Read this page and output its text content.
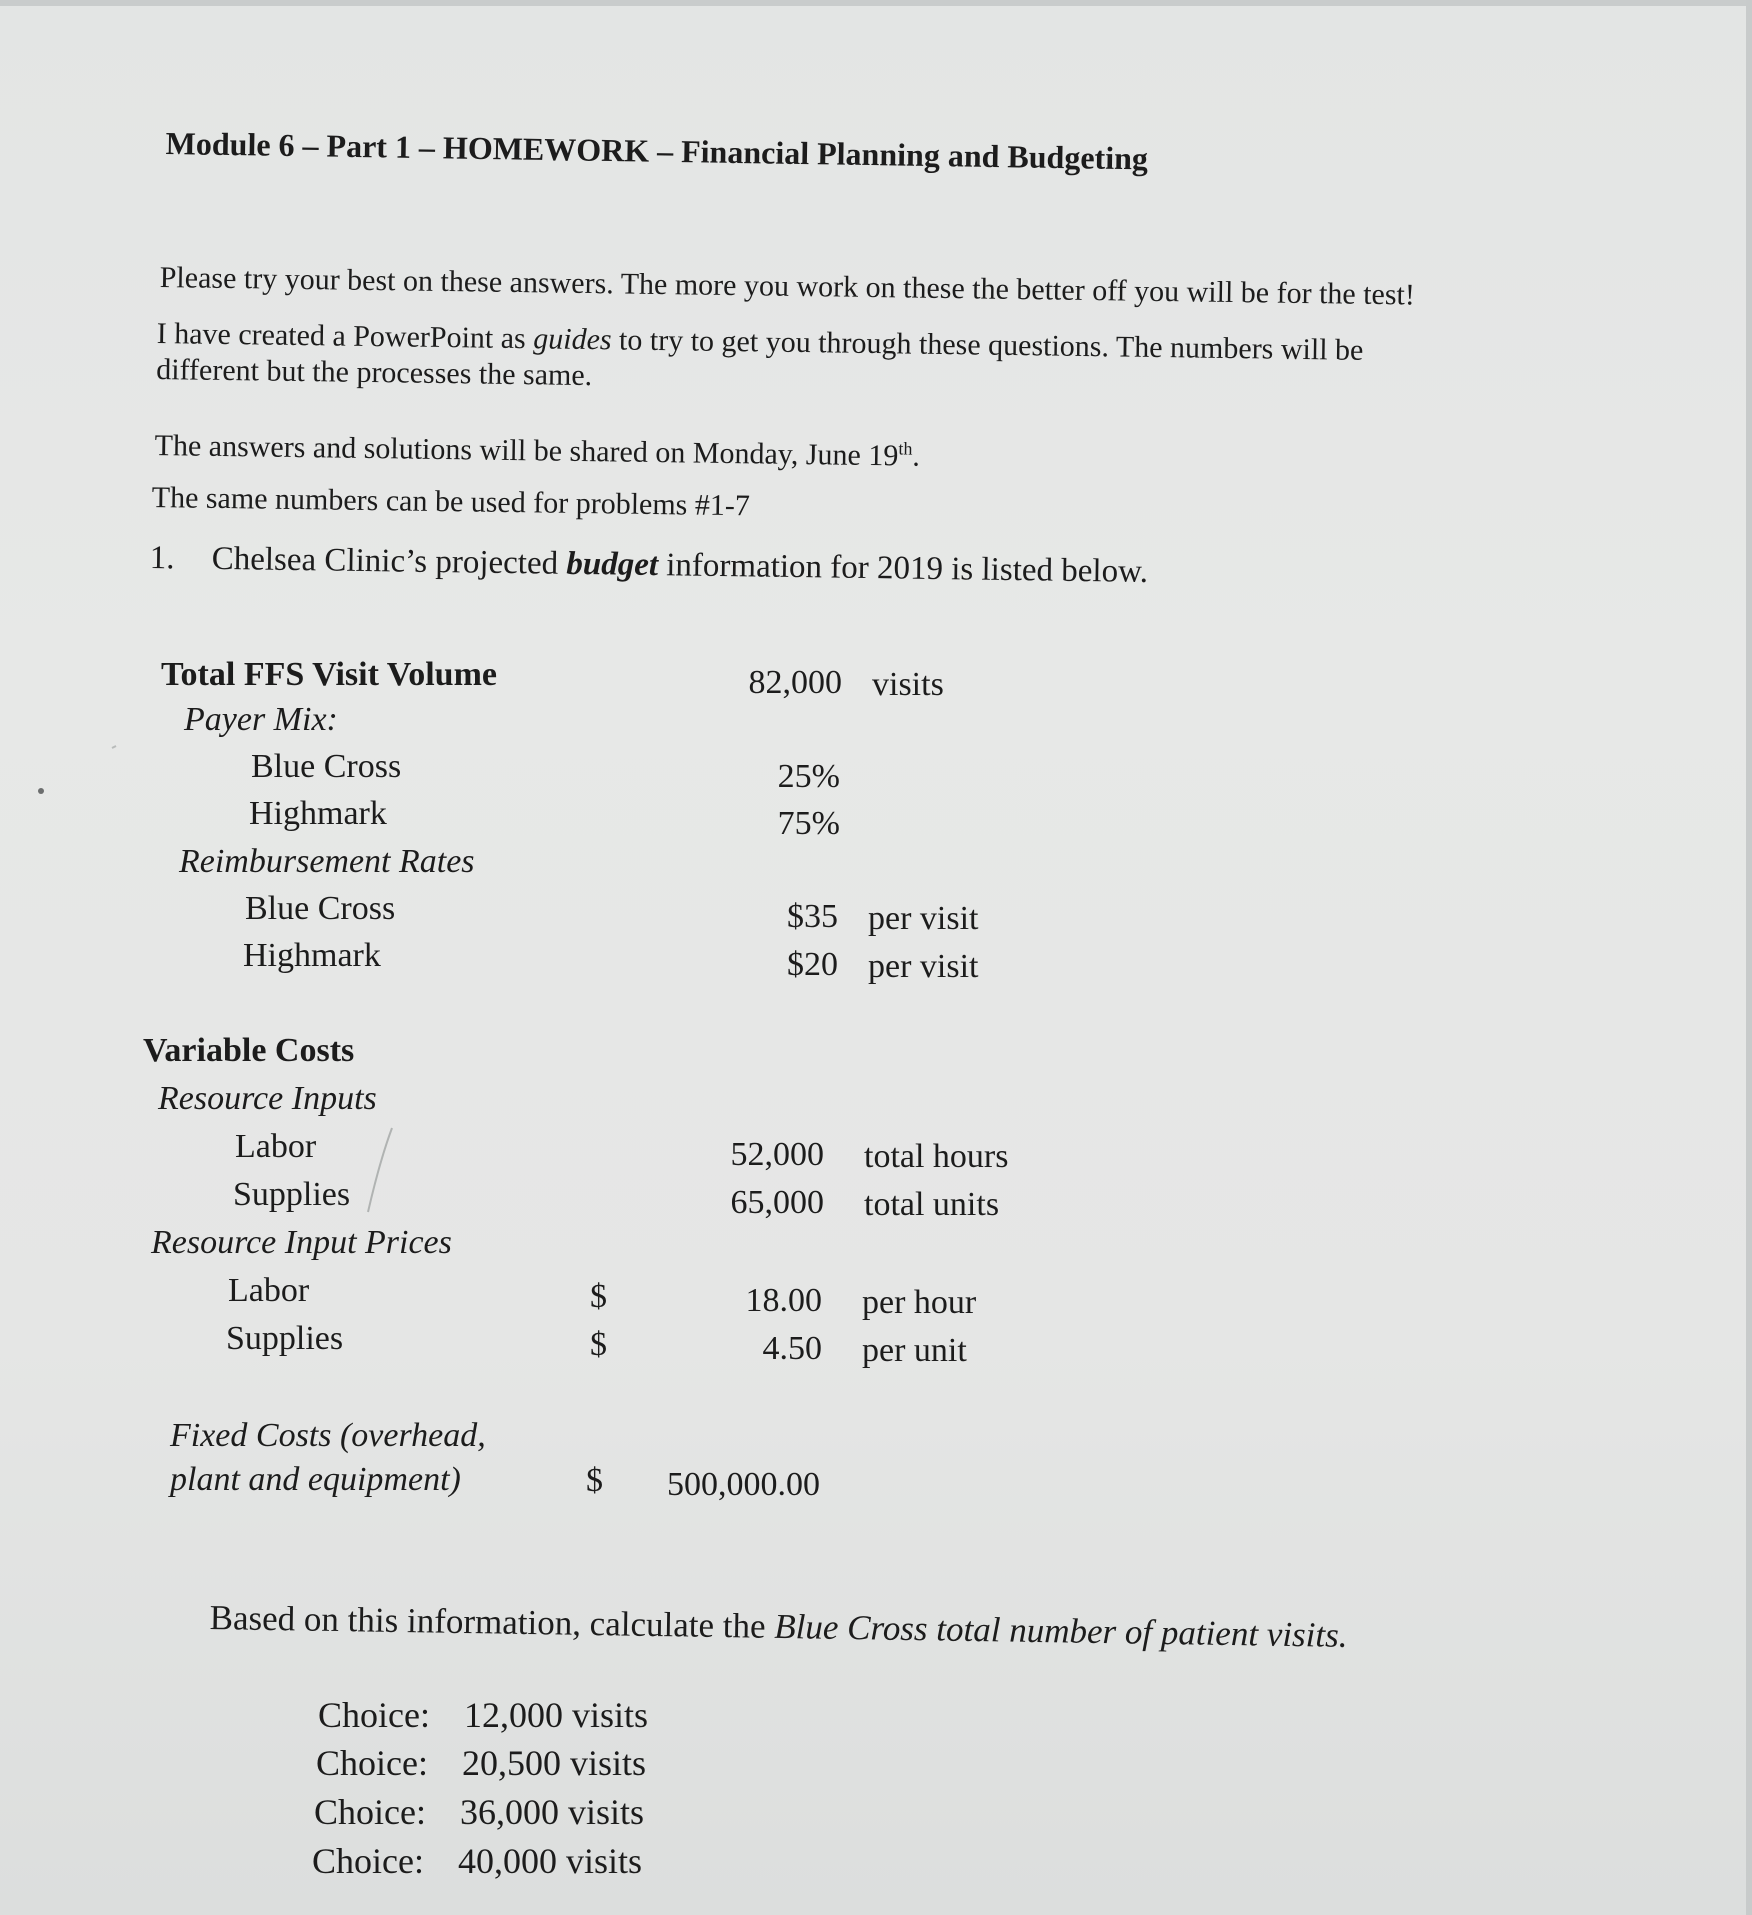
Module 6 – Part 1 – HOMEWORK – Financial Planning and Budgeting
Please try your best on these answers. The more you work on these the better off you will be for the test!
I have created a PowerPoint as guides to try to get you through these questions. The numbers will be
different but the processes the same.
The answers and solutions will be shared on Monday, June 19th.
The same numbers can be used for problems #1-7
1. Chelsea Clinic’s projected budget information for 2019 is listed below.
Total FFS Visit Volume	82,000 visits
Payer Mix:
Blue Cross	25%
Highmark	75%
Reimbursement Rates
Blue Cross	$35 per visit
Highmark	$20 per visit
Variable Costs
Resource Inputs
Labor	52,000 total hours
Supplies	65,000 total units
Resource Input Prices
Labor	$	18.00 per hour
Supplies	$	4.50 per unit
Fixed Costs (overhead,
plant and equipment)	$	500,000.00
Based on this information, calculate the Blue Cross total number of patient visits.
Choice: 12,000 visits
Choice: 20,500 visits
Choice: 36,000 visits
Choice: 40,000 visits
